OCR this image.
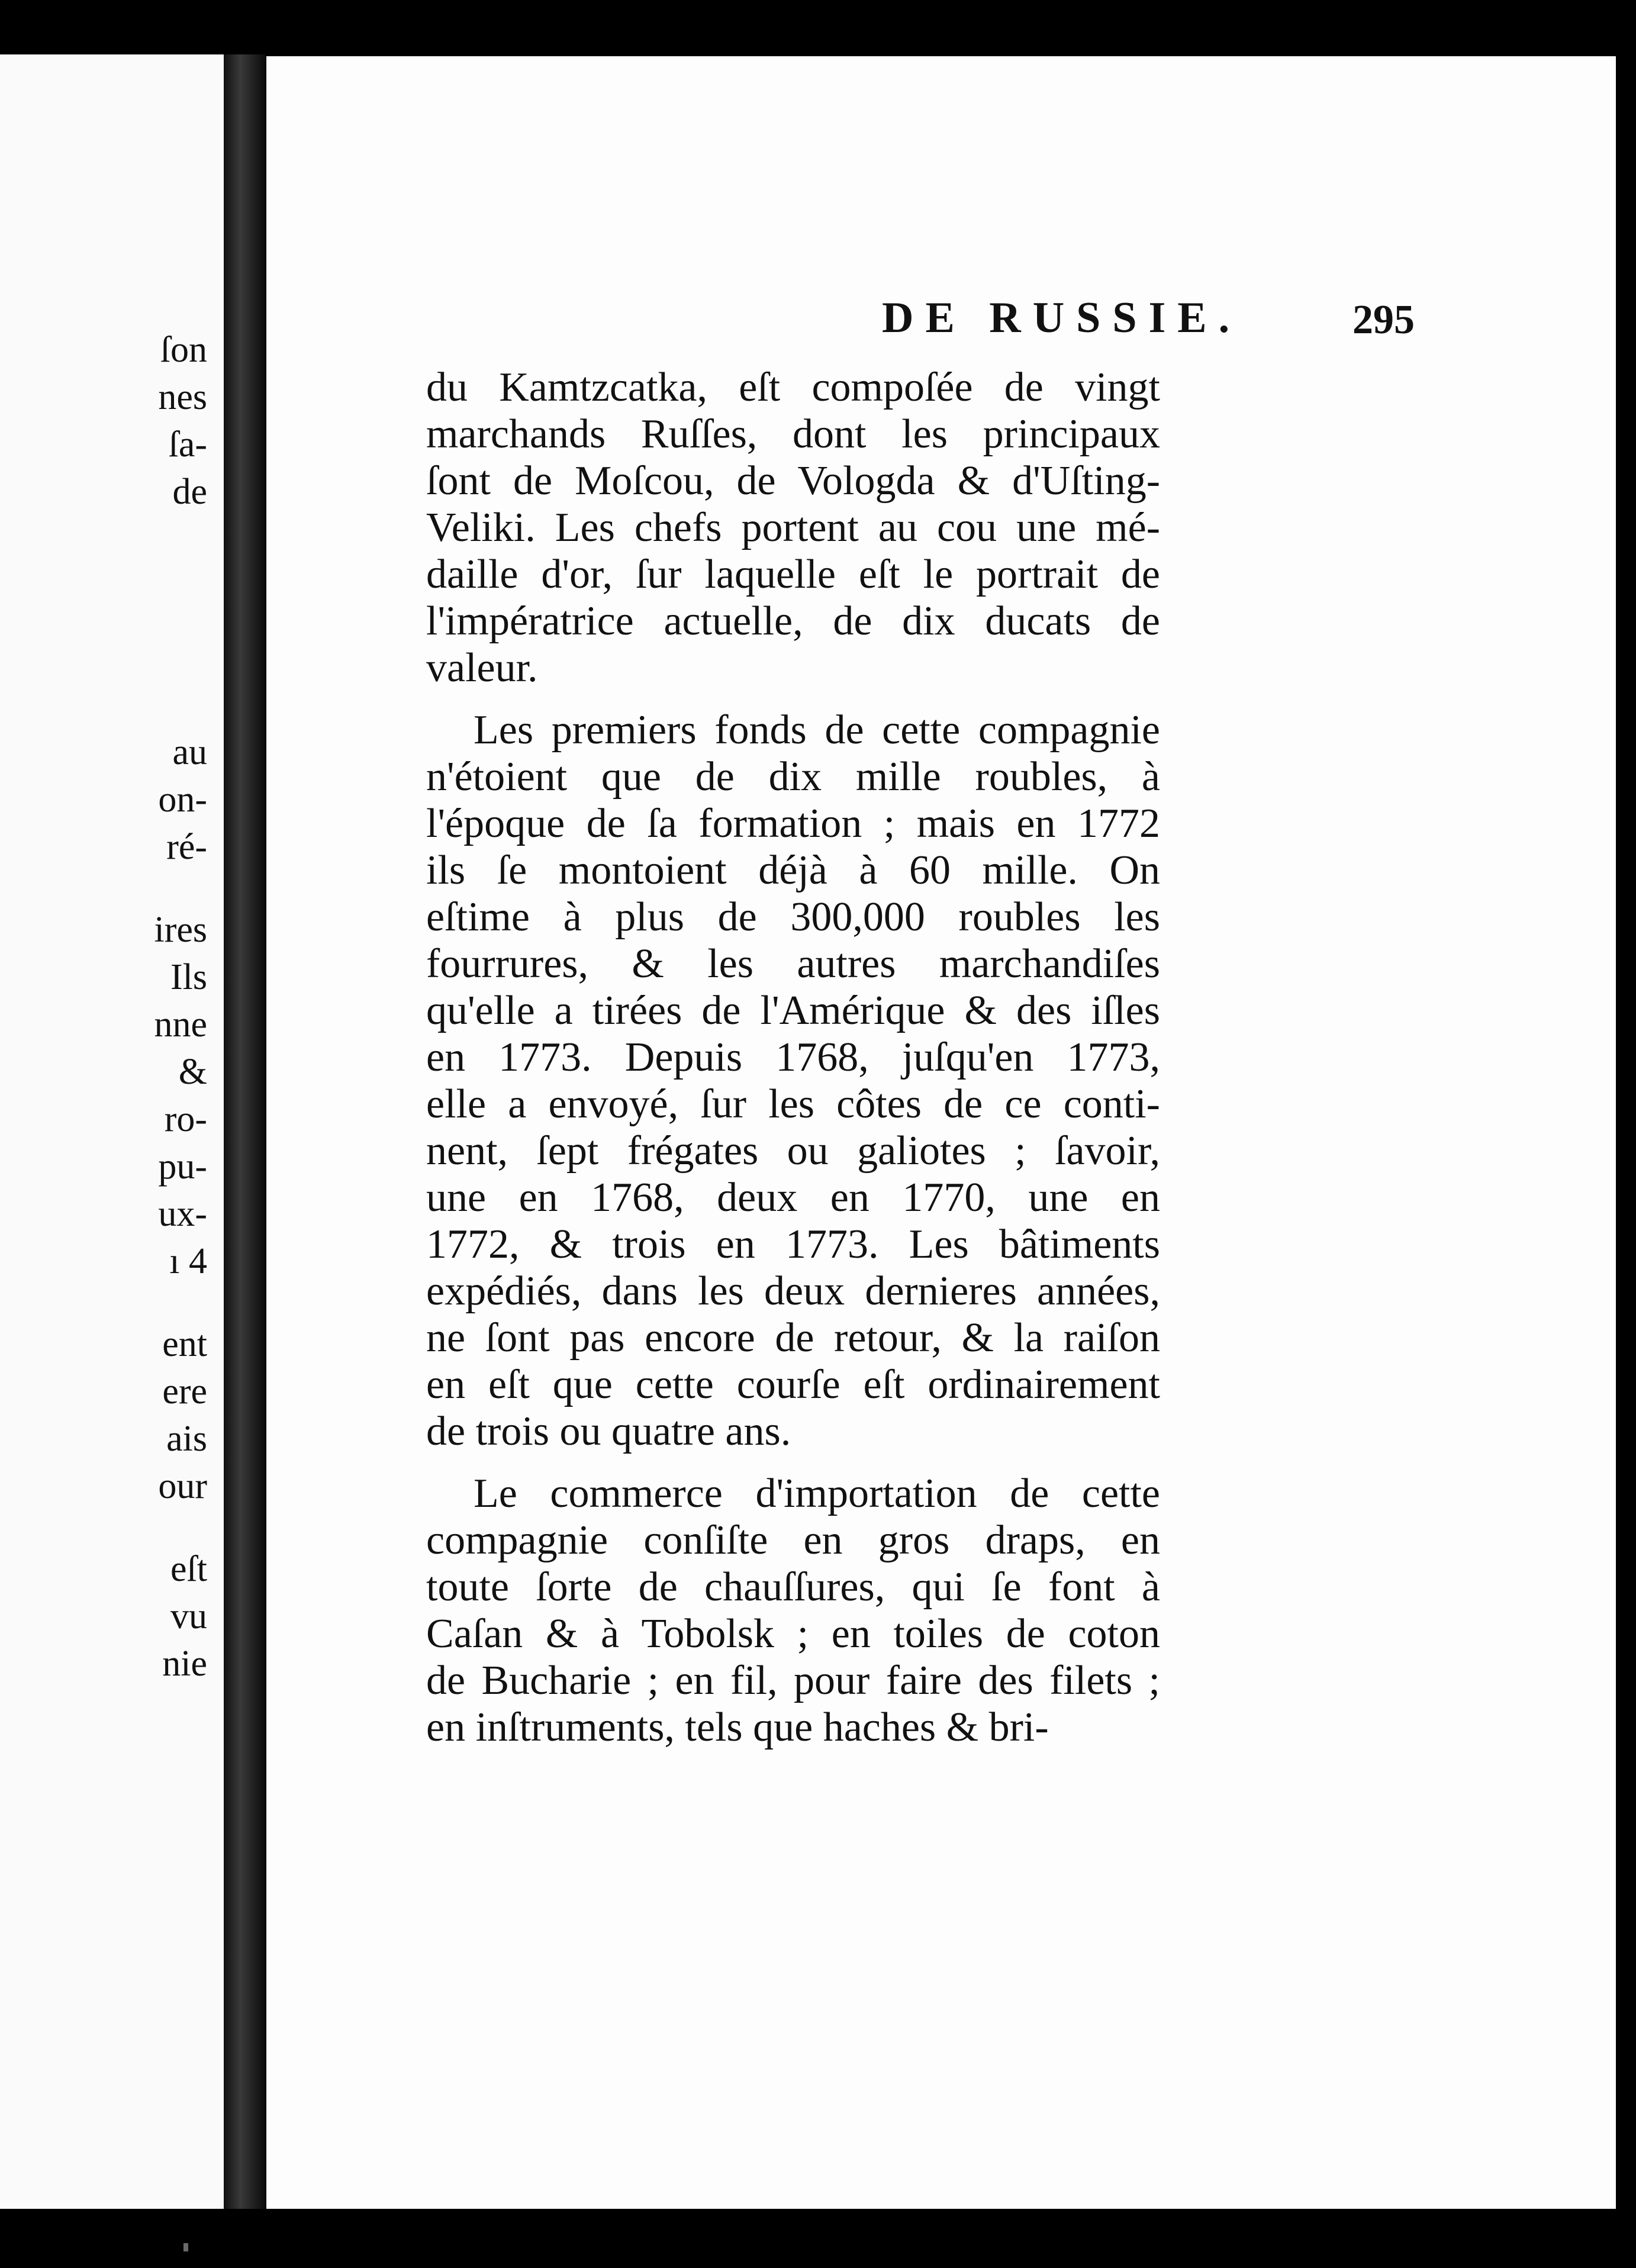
ſon
nes
ſa-
de
au
on-
ré-
ires
Ils
nne
&
ro-
pu-
ux-
ı 4
ent
ere
ais
our
eſt
vu
nie
DE RUSSIE.	295
du Kamtzcatka, eſt compoſée de vingt
marchands Ruſſes, dont les principaux
ſont de Moſcou, de Vologda & d'Uſting-
Veliki. Les chefs portent au cou une mé-
daille d'or, ſur laquelle eſt le portrait de
l'impératrice actuelle, de dix ducats de
valeur.
Les premiers fonds de cette compagnie
n'étoient que de dix mille roubles, à
l'époque de ſa formation ; mais en 1772
ils ſe montoient déjà à 60 mille. On
eſtime à plus de 300,000 roubles les
fourrures, & les autres marchandiſes
qu'elle a tirées de l'Amérique & des iſles
en 1773. Depuis 1768, juſqu'en 1773,
elle a envoyé, ſur les côtes de ce conti-
nent, ſept frégates ou galiotes ; ſavoir,
une en 1768, deux en 1770, une en
1772, & trois en 1773. Les bâtiments
expédiés, dans les deux dernieres années,
ne ſont pas encore de retour, & la raiſon
en eſt que cette courſe eſt ordinairement
de trois ou quatre ans.
Le commerce d'importation de cette
compagnie conſiſte en gros draps, en
toute ſorte de chauſſures, qui ſe font à
Caſan & à Tobolsk ; en toiles de coton
de Bucharie ; en fil, pour faire des filets ;
en inſtruments, tels que haches & bri-
